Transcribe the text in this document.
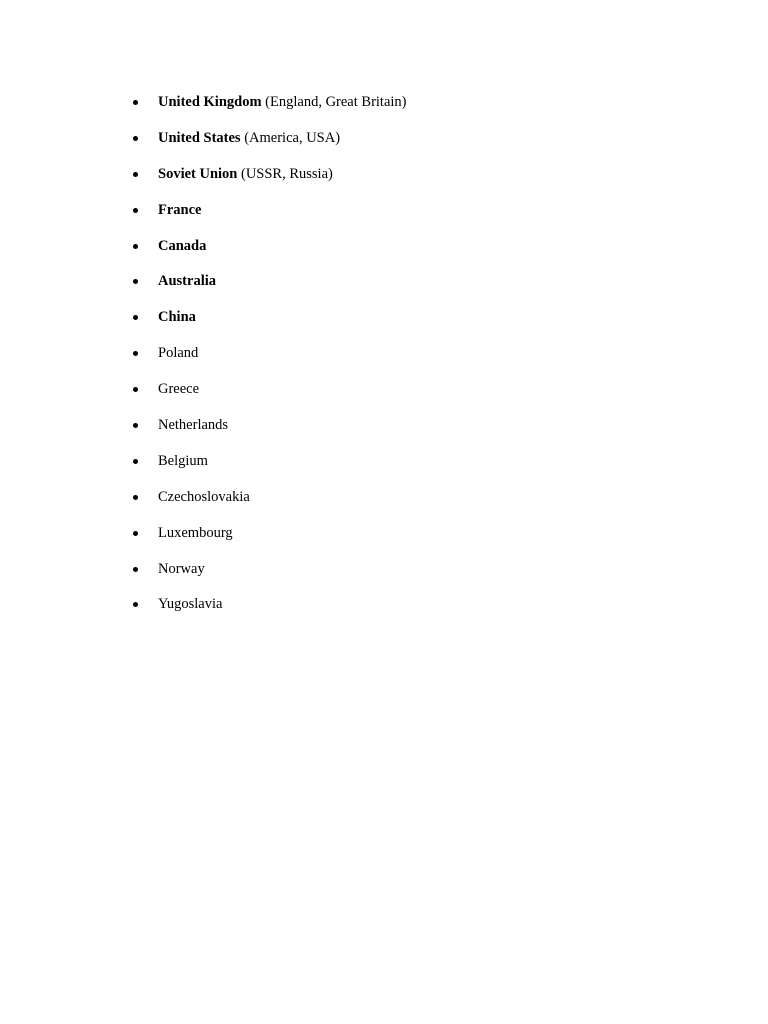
United Kingdom (England, Great Britain)
United States (America, USA)
Soviet Union (USSR, Russia)
France
Canada
Australia
China
Poland
Greece
Netherlands
Belgium
Czechoslovakia
Luxembourg
Norway
Yugoslavia
